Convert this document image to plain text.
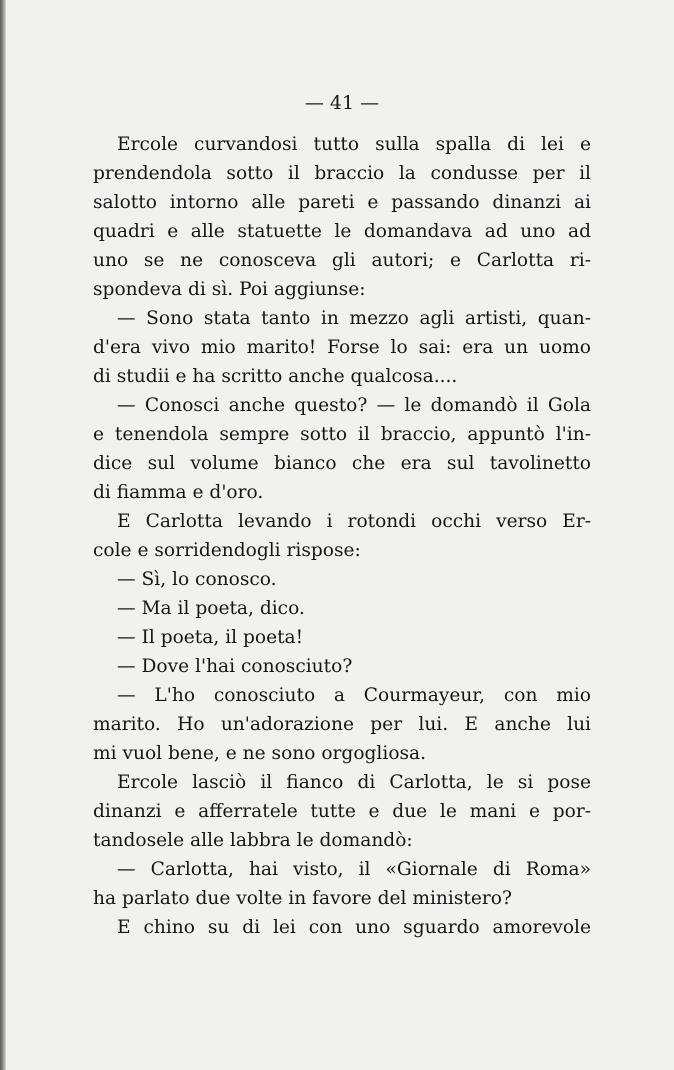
— 41 —
Ercole curvandosi tutto sulla spalla di lei e
prendendola sotto il braccio la condusse per il
salotto intorno alle pareti e passando dinanzi ai
quadri e alle statuette le domandava ad uno ad
uno se ne conosceva gli autori; e Carlotta ri-
spondeva di sì. Poi aggiunse:
— Sono stata tanto in mezzo agli artisti, quan-
d'era vivo mio marito! Forse lo sai: era un uomo
di studii e ha scritto anche qualcosa....
— Conosci anche questo? — le domandò il Gola
e tenendola sempre sotto il braccio, appuntò l'in-
dice sul volume bianco che era sul tavolinetto
di fiamma e d'oro.
E Carlotta levando i rotondi occhi verso Er-
cole e sorridendogli rispose:
— Sì, lo conosco.
— Ma il poeta, dico.
— Il poeta, il poeta!
— Dove l'hai conosciuto?
— L'ho conosciuto a Courmayeur, con mio
marito. Ho un'adorazione per lui. E anche lui
mi vuol bene, e ne sono orgogliosa.
Ercole lasciò il fianco di Carlotta, le si pose
dinanzi e afferratele tutte e due le mani e por-
tandosele alle labbra le domandò:
— Carlotta, hai visto, il «Giornale di Roma»
ha parlato due volte in favore del ministero?
E chino su di lei con uno sguardo amorevole
